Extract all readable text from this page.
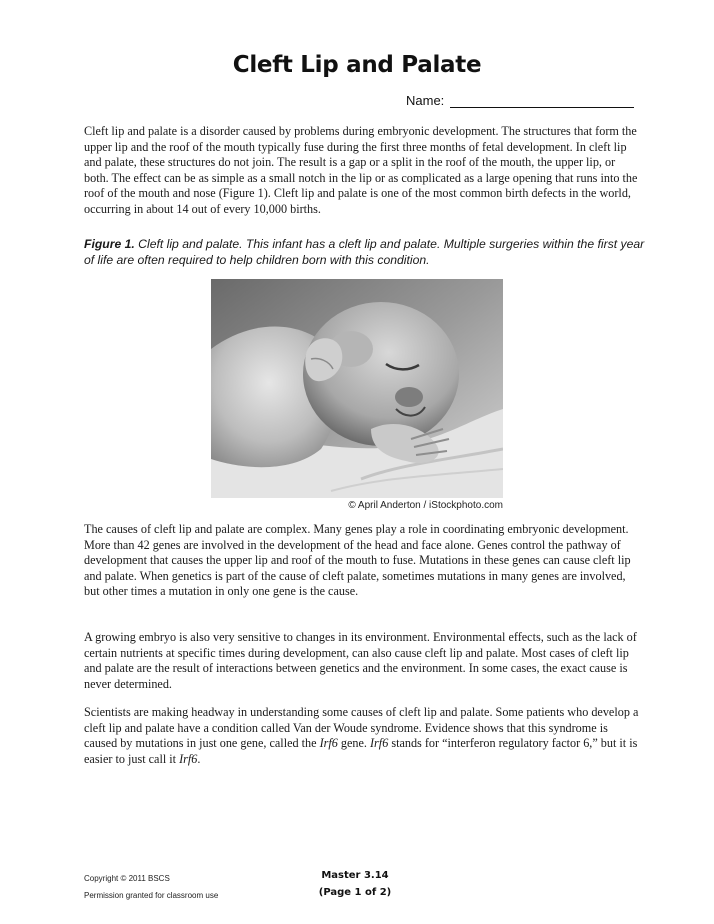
Cleft Lip and Palate
Name:

Cleft lip and palate is a disorder caused by problems during embryonic development. The structures that form the upper lip and the roof of the mouth typically fuse during the first three months of fetal development. In cleft lip and palate, these structures do not join. The result is a gap or a split in the roof of the mouth, the upper lip, or both. The effect can be as simple as a small notch in the lip or as complicated as a large opening that runs into the roof of the mouth and nose (Figure 1). Cleft lip and palate is one of the most common birth defects in the world, occurring in about 14 out of every 10,000 births.

Figure 1. Cleft lip and palate. This infant has a cleft lip and palate. Multiple surgeries within the first year of life are often required to help children born with this condition.

© April Anderton / iStockphoto.com

The causes of cleft lip and palate are complex. Many genes play a role in coordinating embryonic development. More than 42 genes are involved in the development of the head and face alone. Genes control the pathway of development that causes the upper lip and roof of the mouth to fuse. Mutations in these genes can cause cleft lip and palate. When genetics is part of the cause of cleft palate, sometimes mutations in many genes are involved, but other times a mutation in only one gene is the cause.

A growing embryo is also very sensitive to changes in its environment. Environmental effects, such as the lack of certain nutrients at specific times during development, can also cause cleft lip and palate. Most cases of cleft lip and palate are the result of interactions between genetics and the environment. In some cases, the exact cause is never determined.

Scientists are making headway in understanding some causes of cleft lip and palate. Some patients who develop a cleft lip and palate have a condition called Van der Woude syndrome. Evidence shows that this syndrome is caused by mutations in just one gene, called the Irf6 gene. Irf6 stands for “interferon regulatory factor 6,” but it is easier to just call it Irf6.

Copyright © 2011 BSCS
Permission granted for classroom use
Master 3.14
(Page 1 of 2)
